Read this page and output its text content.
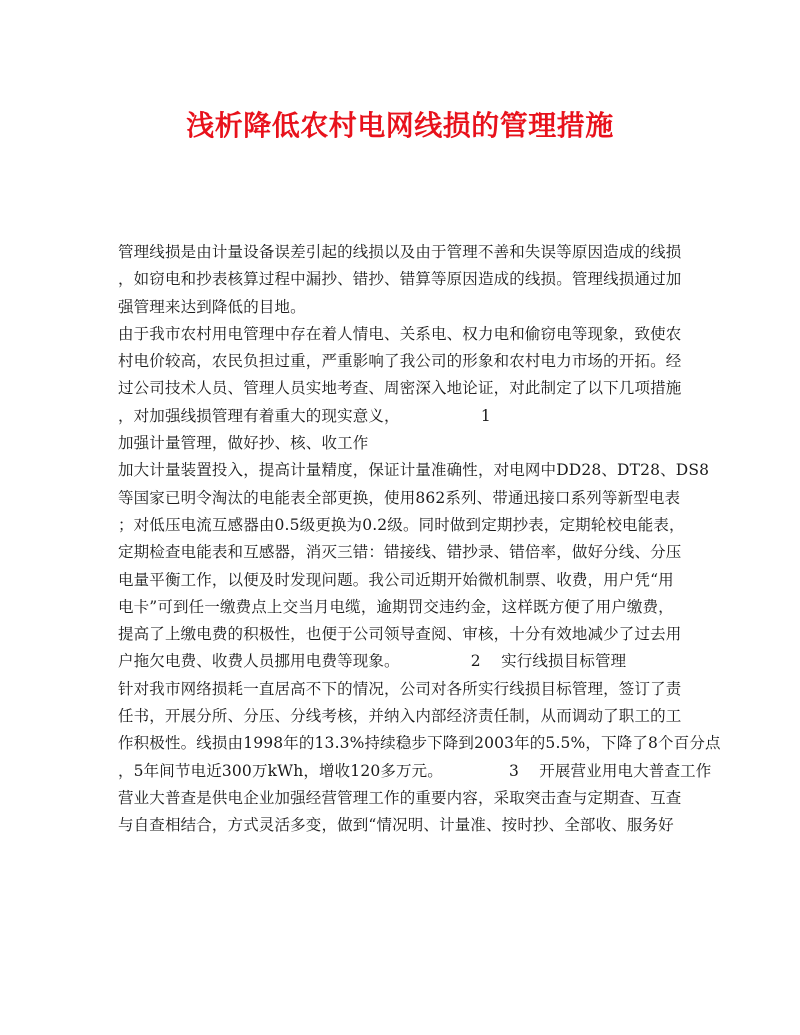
浅析降低农村电网线损的管理措施
管理线损是由计量设备误差引起的线损以及由于管理不善和失误等原因造成的线损
，如窃电和抄表核算过程中漏抄、错抄、错算等原因造成的线损。管理线损通过加
强管理来达到降低的目地。
由于我市农村用电管理中存在着人情电、关系电、权力电和偷窃电等现象，致使农
村电价较高，农民负担过重，严重影响了我公司的形象和农村电力市场的开拓。经
过公司技术人员、管理人员实地考查、周密深入地论证，对此制定了以下几项措施
，对加强线损管理有着重大的现实意义，                1
加强计量管理，做好抄、核、收工作
加大计量装置投入，提高计量精度，保证计量准确性，对电网中DD28、DT28、DS8
等国家已明令淘汰的电能表全部更换，使用862系列、带通迅接口系列等新型电表
；对低压电流互感器由0.5级更换为0.2级。同时做到定期抄表，定期轮校电能表，
定期检查电能表和互感器，消灭三错：错接线、错抄录、错倍率，做好分线、分压
电量平衡工作，以便及时发现问题。我公司近期开始微机制票、收费，用户凭“用
电卡”可到任一缴费点上交当月电缆，逾期罚交违约金，这样既方便了用户缴费，
提高了上缴电费的积极性，也便于公司领导查阅、审核，十分有效地减少了过去用
户拖欠电费、收费人员挪用电费等现象。              2    实行线损目标管理
针对我市网络损耗一直居高不下的情况，公司对各所实行线损目标管理，签订了责
任书，开展分所、分压、分线考核，并纳入内部经济责任制，从而调动了职工的工
作积极性。线损由1998年的13.3%持续稳步下降到2003年的5.5%，下降了8个百分点
，5年间节电近300万kWh，增收120多万元。             3    开展营业用电大普查工作
营业大普查是供电企业加强经营管理工作的重要内容，采取突击查与定期查、互查
与自查相结合，方式灵活多变，做到“情况明、计量准、按时抄、全部收、服务好
